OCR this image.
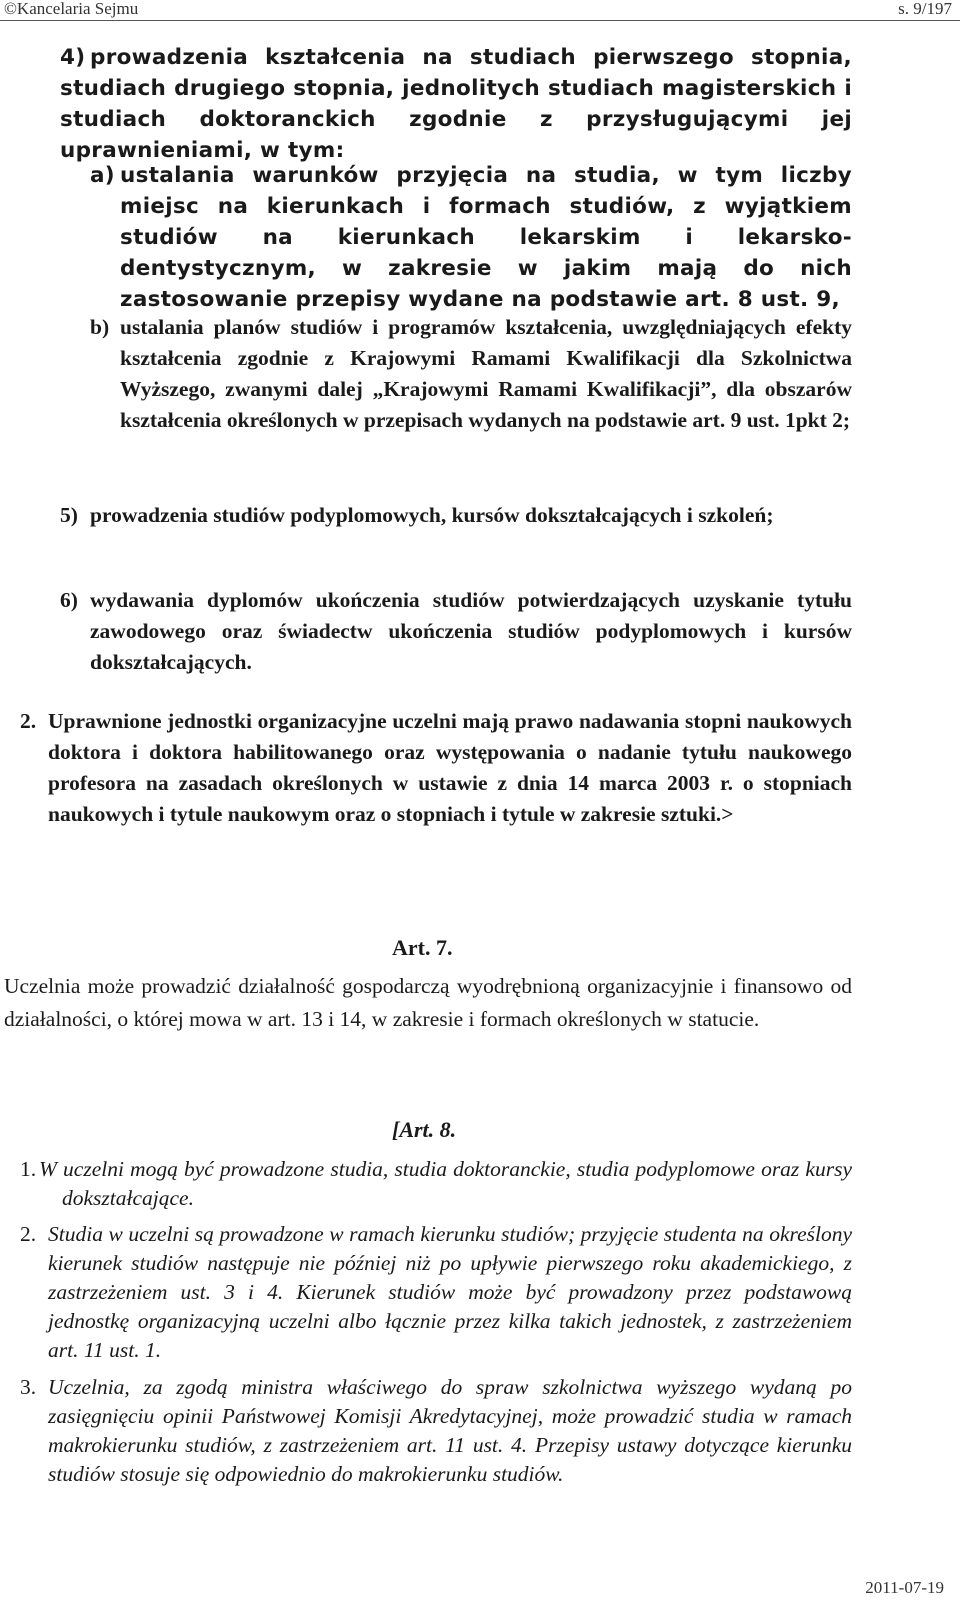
©Kancelaria Sejmu	s. 9/197
4) prowadzenia kształcenia na studiach pierwszego stopnia, studiach drugiego stopnia, jednolitych studiach magisterskich i studiach doktoranckich zgodnie z przysługującymi jej uprawnieniami, w tym:
a) ustalania warunków przyjęcia na studia, w tym liczby miejsc na kierunkach i formach studiów, z wyjątkiem studiów na kierunkach lekarskim i lekarsko-dentystycznym, w zakresie w jakim mają do nich zastosowanie przepisy wydane na podstawie art. 8 ust. 9,
b) ustalania planów studiów i programów kształcenia, uwzględniających efekty kształcenia zgodnie z Krajowymi Ramami Kwalifikacji dla Szkolnictwa Wyższego, zwanymi dalej „Krajowymi Ramami Kwalifikacji”, dla obszarów kształcenia określonych w przepisach wydanych na podstawie art. 9 ust. 1pkt 2;
5) prowadzenia studiów podyplomowych, kursów dokształcających i szkoleń;
6) wydawania dyplomów ukończenia studiów potwierdzających uzyskanie tytułu zawodowego oraz świadectw ukończenia studiów podyplomowych i kursów dokształcających.
2. Uprawnione jednostki organizacyjne uczelni mają prawo nadawania stopni naukowych doktora i doktora habilitowanego oraz występowania o nadanie tytułu naukowego profesora na zasadach określonych w ustawie z dnia 14 marca 2003 r. o stopniach naukowych i tytule naukowym oraz o stopniach i tytule w zakresie sztuki.>
Art. 7.
Uczelnia może prowadzić działalność gospodarczą wyodrębnioną organizacyjnie i finansowo od działalności, o której mowa w art. 13 i 14, w zakresie i formach określonych w statucie.
[Art. 8.
1. W uczelni mogą być prowadzone studia, studia doktoranckie, studia podyplomowe oraz kursy dokształcające.
2. Studia w uczelni są prowadzone w ramach kierunku studiów; przyjęcie studenta na określony kierunek studiów następuje nie później niż po upływie pierwszego roku akademickiego, z zastrzeżeniem ust. 3 i 4. Kierunek studiów może być prowadzony przez podstawową jednostkę organizacyjną uczelni albo łącznie przez kilka takich jednostek, z zastrzeżeniem art. 11 ust. 1.
3. Uczelnia, za zgodą ministra właściwego do spraw szkolnictwa wyższego wydaną po zasięgnięciu opinii Państwowej Komisji Akredytacyjnej, może prowadzić studia w ramach makrokierunku studiów, z zastrzeżeniem art. 11 ust. 4. Przepisy ustawy dotyczące kierunku studiów stosuje się odpowiednio do makrokierunku studiów.
2011-07-19
